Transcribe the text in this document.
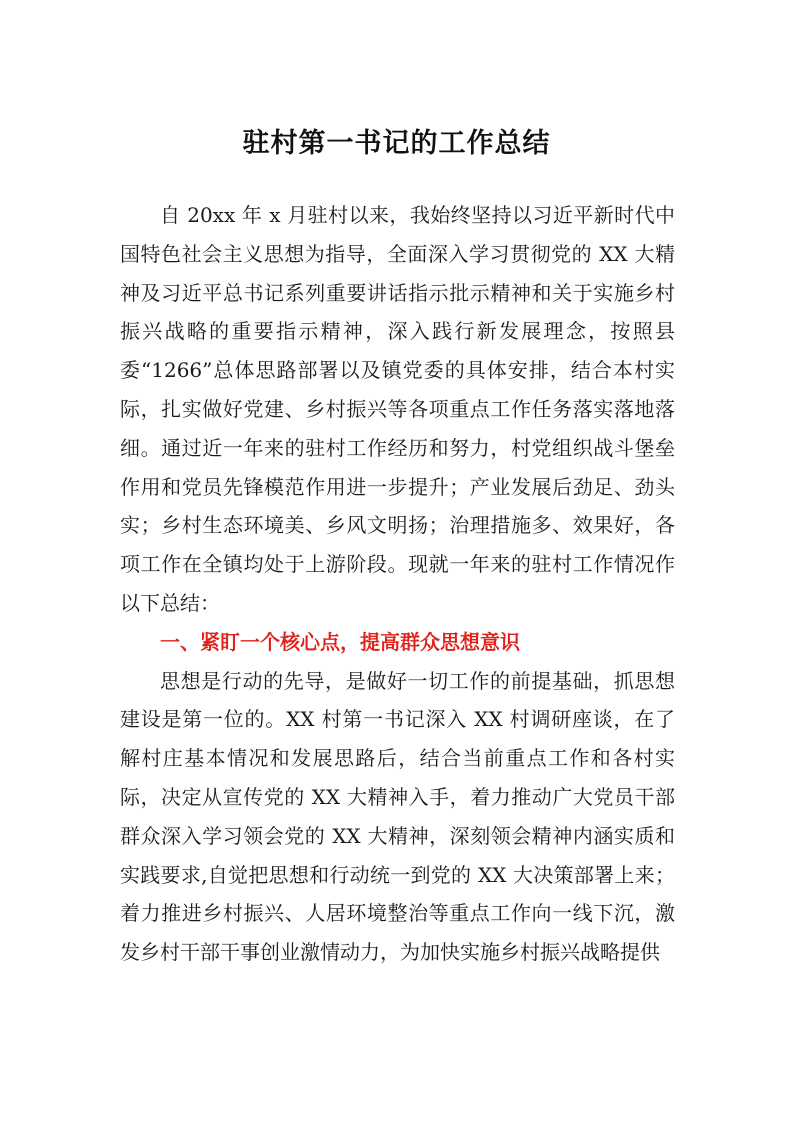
驻村第一书记的工作总结

自 20xx 年 x 月驻村以来，我始终坚持以习近平新时代中国特色社会主义思想为指导，全面深入学习贯彻党的 XX 大精神及习近平总书记系列重要讲话指示批示精神和关于实施乡村振兴战略的重要指示精神，深入践行新发展理念，按照县委“1266”总体思路部署以及镇党委的具体安排，结合本村实际，扎实做好党建、乡村振兴等各项重点工作任务落实落地落细。通过近一年来的驻村工作经历和努力，村党组织战斗堡垒作用和党员先锋模范作用进一步提升；产业发展后劲足、劲头实；乡村生态环境美、乡风文明扬；治理措施多、效果好，各项工作在全镇均处于上游阶段。现就一年来的驻村工作情况作以下总结：

一、紧盯一个核心点，提高群众思想意识

思想是行动的先导，是做好一切工作的前提基础，抓思想建设是第一位的。XX 村第一书记深入 XX 村调研座谈，在了解村庄基本情况和发展思路后，结合当前重点工作和各村实际，决定从宣传党的 XX 大精神入手，着力推动广大党员干部群众深入学习领会党的 XX 大精神，深刻领会精神内涵实质和实践要求,自觉把思想和行动统一到党的 XX 大决策部署上来；着力推进乡村振兴、人居环境整治等重点工作向一线下沉，激发乡村干部干事创业激情动力，为加快实施乡村振兴战略提供
